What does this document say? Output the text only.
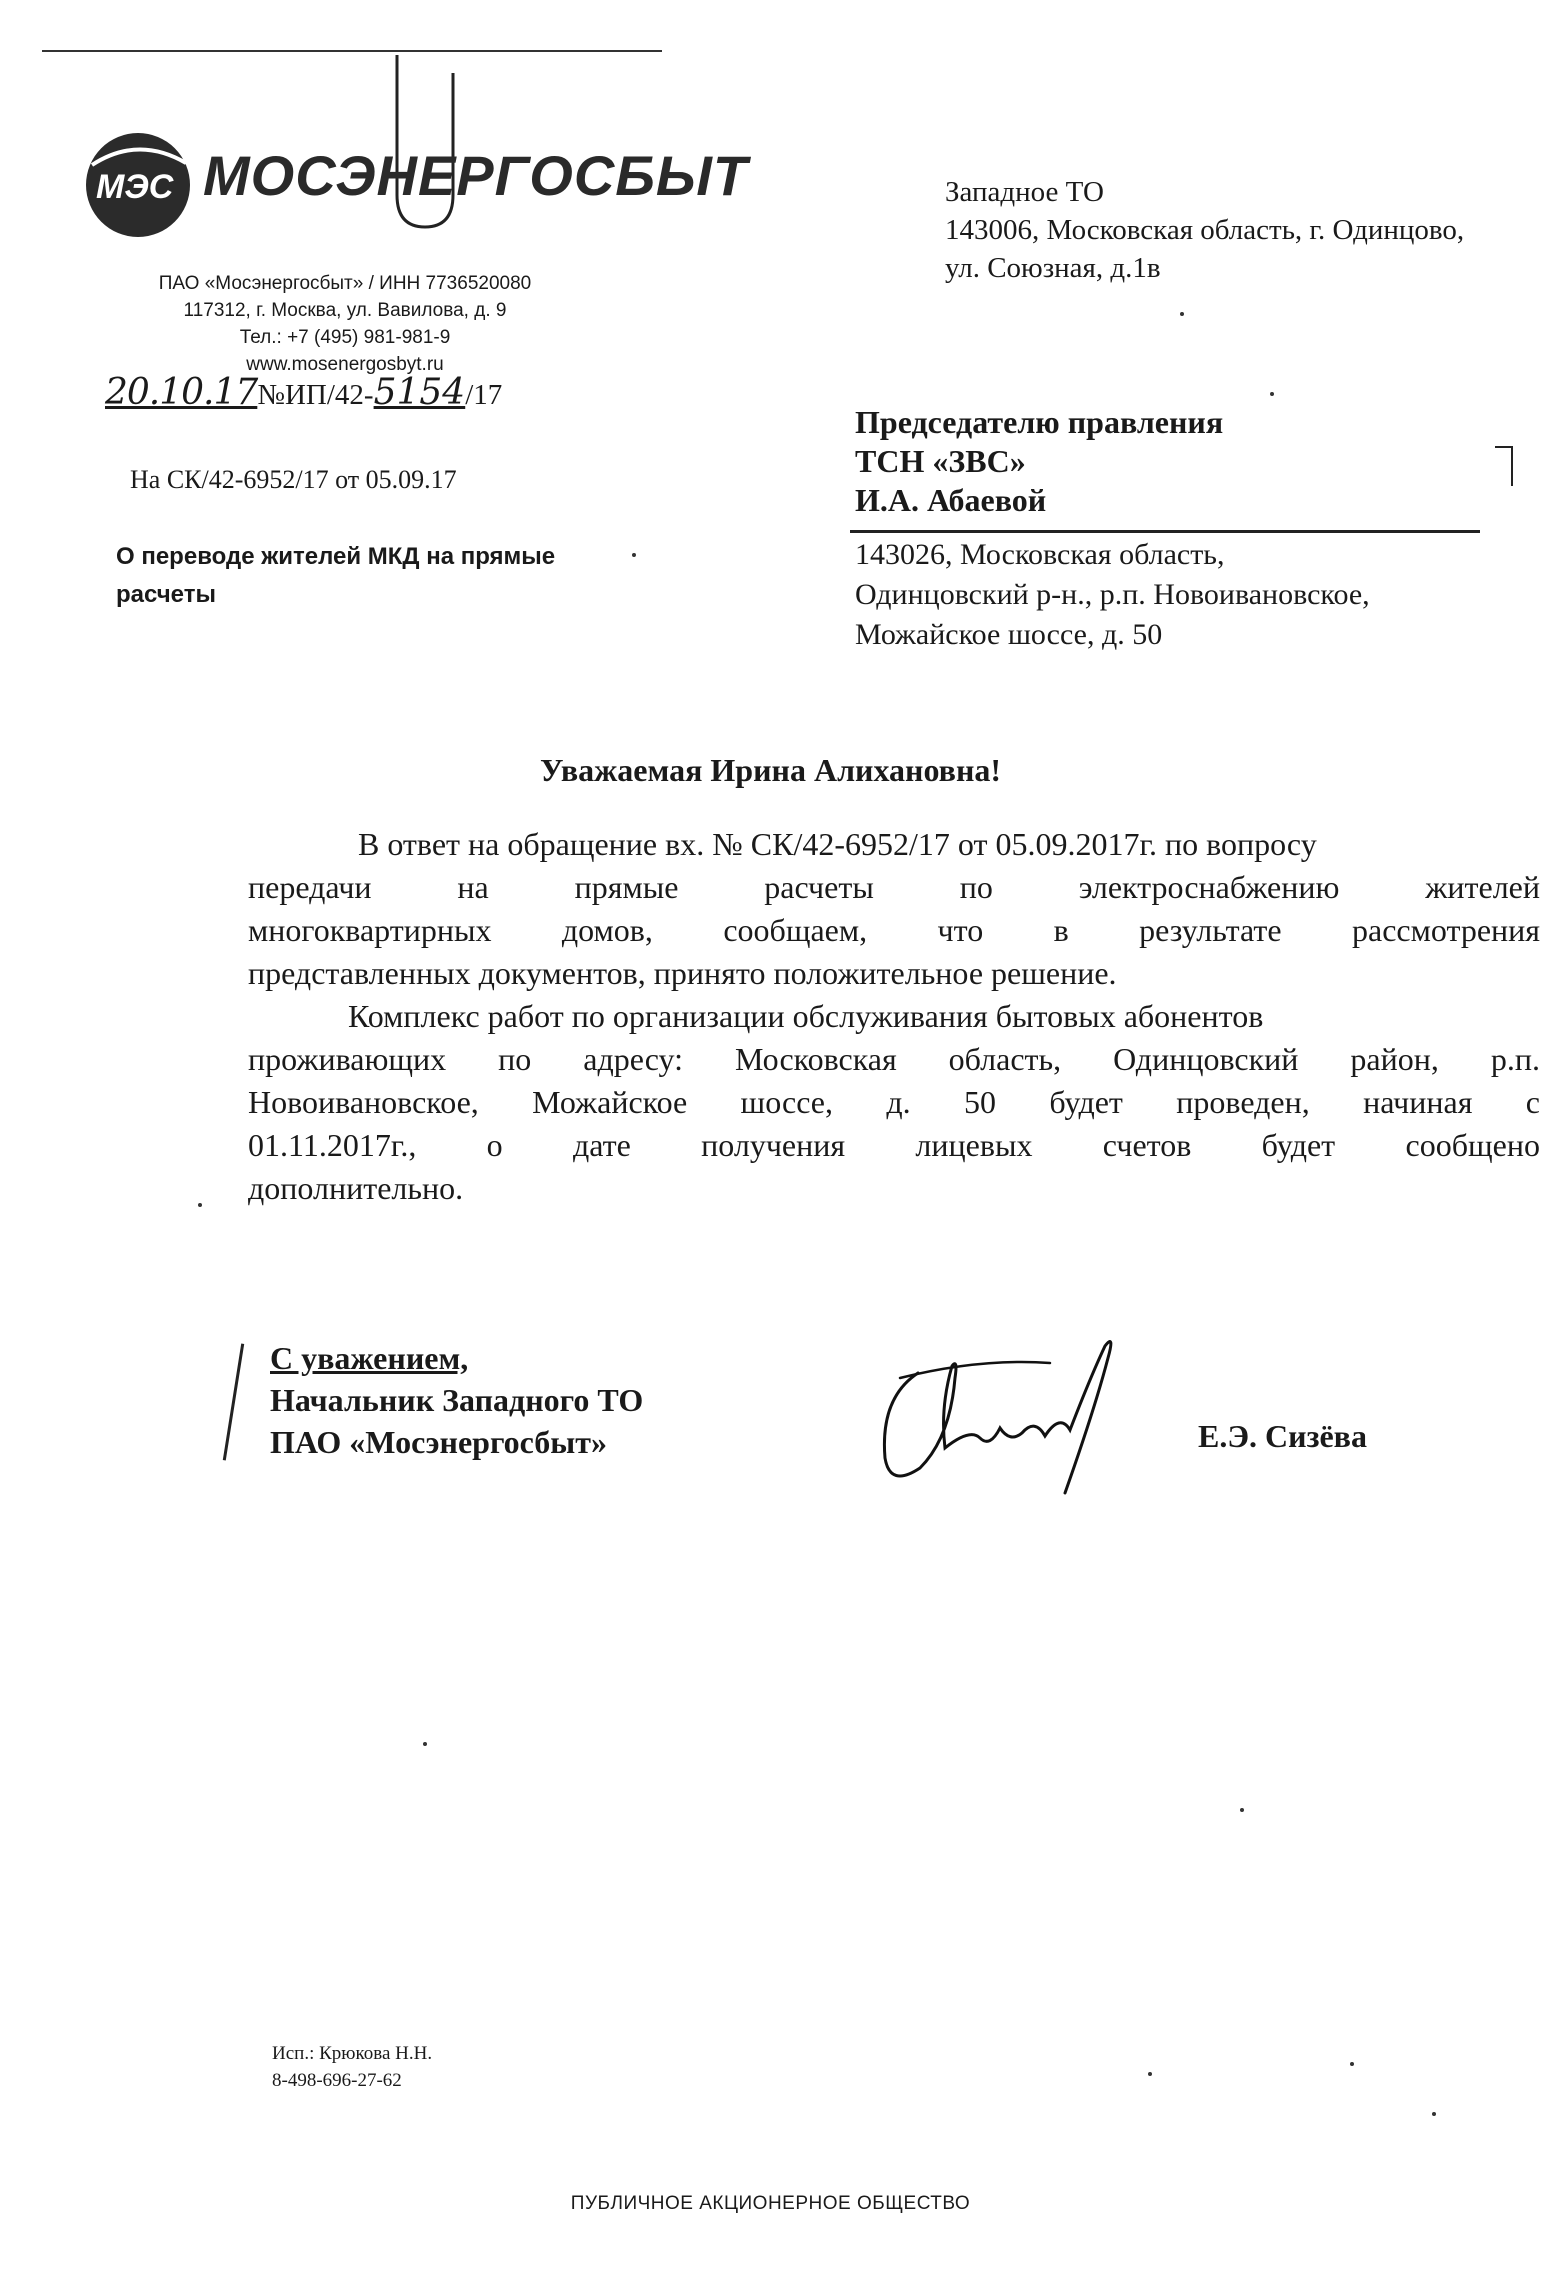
МЭС МОСЭНЕРГОСБЫТ
ПАО «Мосэнергосбыт» / ИНН 7736520080
117312, г. Москва, ул. Вавилова, д. 9
Тел.: +7 (495) 981-981-9
www.mosenergosbyt.ru
20.10.17№ИП/42-5154/17
На СК/42-6952/17 от 05.09.17
О переводе жителей МКД на прямые
расчеты
Западное ТО
143006, Московская область, г. Одинцово,
ул. Союзная, д.1в
Председателю правления
ТСН «ЗВС»
И.А. Абаевой
143026, Московская область,
Одинцовский р-н., р.п. Новоивановское,
Можайское шоссе, д. 50
Уважаемая Ирина Алихановна!
В ответ на обращение вх. № СК/42-6952/17 от 05.09.2017г. по вопросу
передачи	на	прямые	расчеты	по	электроснабжению	жителей
многоквартирных домов, сообщаем, что в результате рассмотрения
представленных документов, принято положительное решение.
Комплекс работ по организации обслуживания бытовых абонентов
проживающих по адресу: Московская область, Одинцовский район, р.п.
Новоивановское, Можайское шоссе, д. 50 будет проведен, начиная с
01.11.2017г., о дате получения лицевых счетов будет сообщено
дополнительно.
С уважением,
Начальник Западного ТО
ПАО «Мосэнергосбыт»	Е.Э. Сизёва
Исп.: Крюкова Н.Н.
8-498-696-27-62
ПУБЛИЧНОЕ АКЦИОНЕРНОЕ ОБЩЕСТВО
